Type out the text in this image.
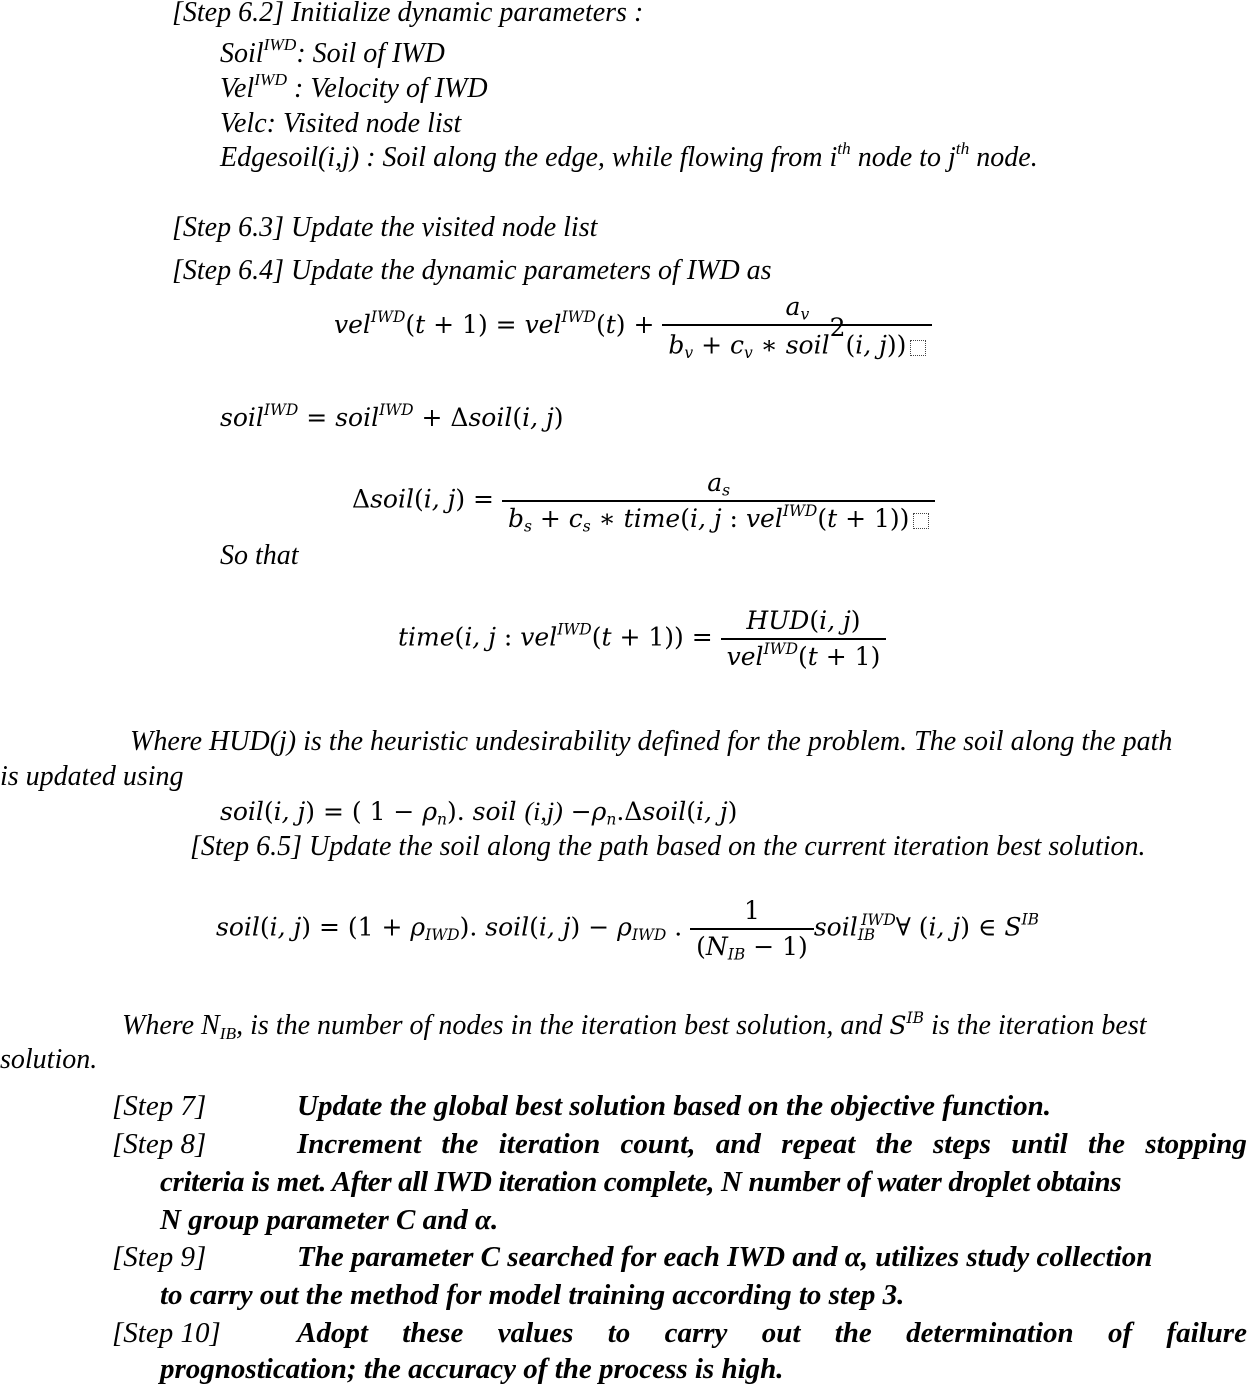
[Step 6.2] Initialize dynamic parameters :
Soil$^{IWD}$: Soil of IWD
Vel$^{IWD}$ : Velocity of IWD
Velc: Visited node list
Edgesoil(i,j) : Soil along the edge, while flowing from $i^{th}$ node to $j^{th}$ node.
[Step 6.3] Update the visited node list
[Step 6.4] Update the dynamic parameters of IWD as
$vel^{IWD}(t + 1) = vel^{IWD}(t) + \frac{a_v}{b_v + c_v ∗ soil^2(i, j))}$
soil$^{IWD}$ = soil$^{IWD}$ + Δsoil(i, j)
Δsoil(i, $j) = \frac{a_s}{b_s + c_s ∗ time(i, j : vel^{IWD}(t + 1))}$
So that
time(i, j : $vel^{IWD}(t + 1)) = \frac{\text{HUD(i, j)}}{vel^{IWD}(t + 1)}$
Where HUD(j) is the heuristic undesirability defined for the problem. The soil along the path
is updated using
soil(i, j) = ( $1 - \rho_n$). soil $(i,j) -\rho_n.\Delta soil(i$, j)
[Step 6.5] Update the soil along the path based on the current iteration best solution.
soil(i, $j) = (1 + \rho_{IWD})$. soil(i, $j) - \rho_{IWD}$ . $\frac{1}{(N_{IB} - 1)}$ soil$_{IB}^{IWD}$∀ (i, j) ∈ $S^{IB}$
Where $N_{IB}$, is the number of nodes in the iteration best solution, and $S^{IB}$ is the iteration best
solution.
[Step 7]	Update the global best solution based on the objective function.
[Step 8]	Increment the iteration count, and repeat the steps until the stopping
criteria is met. After all IWD iteration complete, N number of water droplet obtains
N group parameter C and α.
[Step 9]	The parameter C searched for each IWD and α, utilizes study collection
to carry out the method for model training according to step 3.
[Step 10]	Adopt these values to carry out the determination of failure
prognostication; the accuracy of the process is high.
